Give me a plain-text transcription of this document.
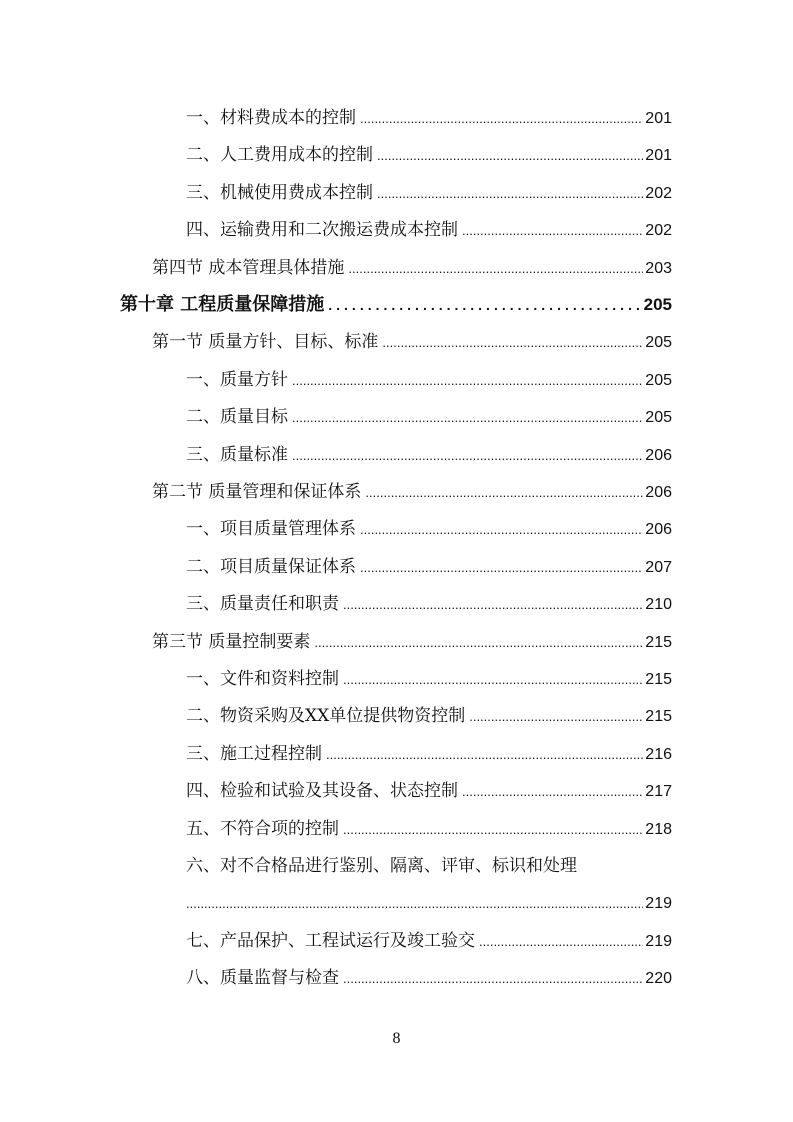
一、材料费成本的控制 .....	201
二、人工费用成本的控制 .....	201
三、机械使用费成本控制 .....	202
四、运输费用和二次搬运费成本控制 .....	202
第四节 成本管理具体措施 .....	203
第十章 工程质量保障措施 .....	205
第一节 质量方针、目标、标准 .....	205
一、质量方针 .....	205
二、质量目标 .....	205
三、质量标准 .....	206
第二节 质量管理和保证体系 .....	206
一、项目质量管理体系 .....	206
二、项目质量保证体系 .....	207
三、质量责任和职责 .....	210
第三节 质量控制要素 .....	215
一、文件和资料控制 .....	215
二、物资采购及XX单位提供物资控制 .....	215
三、施工过程控制 .....	216
四、检验和试验及其设备、状态控制 .....	217
五、不符合项的控制 .....	218
六、对不合格品进行鉴别、隔离、评审、标识和处理
.....
219
七、产品保护、工程试运行及竣工验交 .....	219
八、质量监督与检查 .....	220
8
